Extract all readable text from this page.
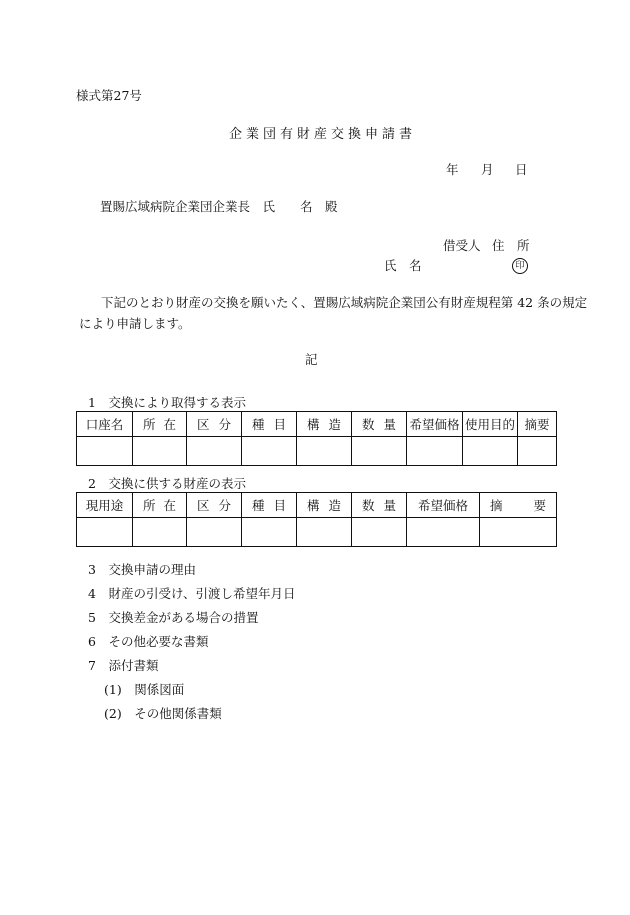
様式第27号
企業団有財産交換申請書
年 月 日
置賜広域病院企業団企業長　氏　　名　殿
借受人 住　所
氏　名	印
下記のとおり財産の交換を願いたく、置賜広域病院企業団公有財産規程第 42 条の規定
により申請します。
記
1　交換により取得する表示
口座名	所 在	区 分	種 目	構 造	数 量	希望価格	使用目的	摘要

2　交換に供する財産の表示
現用途	所 在	区 分	種 目	構 造	数 量	希望価格	摘 要

3　交換申請の理由
4　財産の引受け、引渡し希望年月日
5　交換差金がある場合の措置
6　その他必要な書類
7　添付書類
(1)　関係図面
(2)　その他関係書類
